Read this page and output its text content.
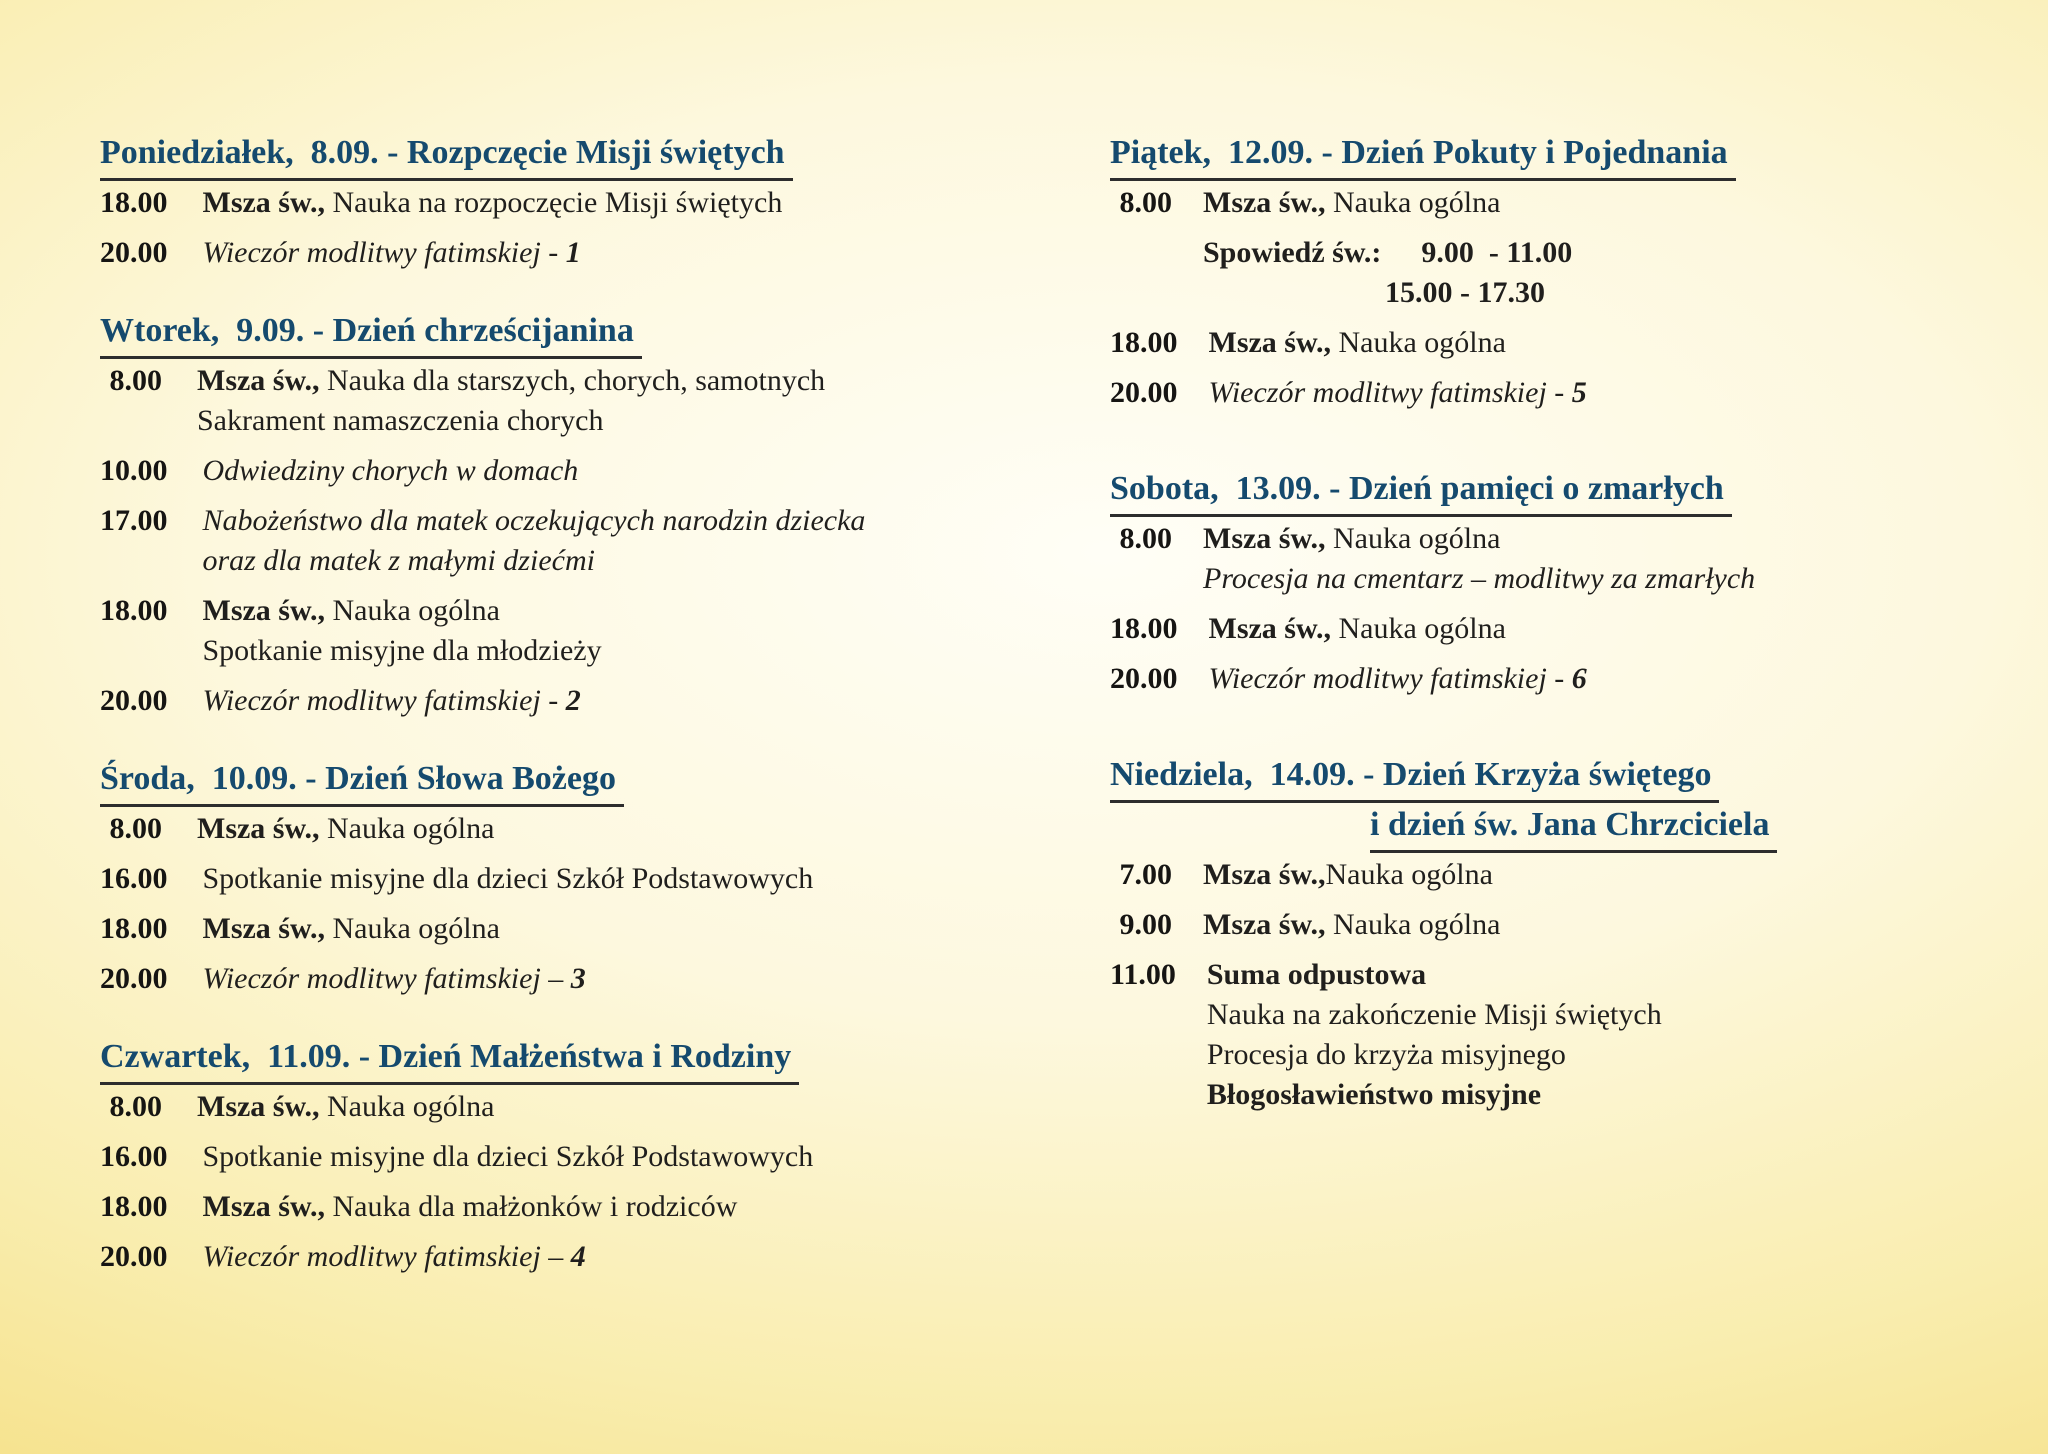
Poniedziałek,  8.09. - Rozpczęcie Misji świętych
18.00 Msza św., Nauka na rozpoczęcie Misji świętych
20.00 Wieczór modlitwy fatimskiej - 1
Wtorek,  9.09. - Dzień chrześcijanina
8.00 Msza św., Nauka dla starszych, chorych, samotnych
Sakrament namaszczenia chorych
10.00 Odwiedziny chorych w domach
17.00 Nabożeństwo dla matek oczekujących narodzin dziecka
oraz dla matek z małymi dziećmi
18.00 Msza św., Nauka ogólna
Spotkanie misyjne dla młodzieży
20.00 Wieczór modlitwy fatimskiej - 2
Środa,  10.09. - Dzień Słowa Bożego
8.00 Msza św., Nauka ogólna
16.00 Spotkanie misyjne dla dzieci Szkół Podstawowych
18.00 Msza św., Nauka ogólna
20.00 Wieczór modlitwy fatimskiej – 3
Czwartek,  11.09. - Dzień Małżeństwa i Rodziny
8.00 Msza św., Nauka ogólna
16.00 Spotkanie misyjne dla dzieci Szkół Podstawowych
18.00 Msza św., Nauka dla małżonków i rodziców
20.00 Wieczór modlitwy fatimskiej – 4
Piątek,  12.09. - Dzień Pokuty i Pojednania
8.00 Msza św., Nauka ogólna
Spowiedź św.: 9.00  - 11.00
15.00 - 17.30
18.00 Msza św., Nauka ogólna
20.00 Wieczór modlitwy fatimskiej - 5
Sobota,  13.09. - Dzień pamięci o zmarłych
8.00 Msza św., Nauka ogólna
Procesja na cmentarz – modlitwy za zmarłych
18.00 Msza św., Nauka ogólna
20.00 Wieczór modlitwy fatimskiej - 6
Niedziela,  14.09. - Dzień Krzyża świętego
i dzień św. Jana Chrzciciela
7.00 Msza św.,Nauka ogólna
9.00 Msza św., Nauka ogólna
11.00 Suma odpustowa
Nauka na zakończenie Misji świętych
Procesja do krzyża misyjnego
Błogosławieństwo misyjne
